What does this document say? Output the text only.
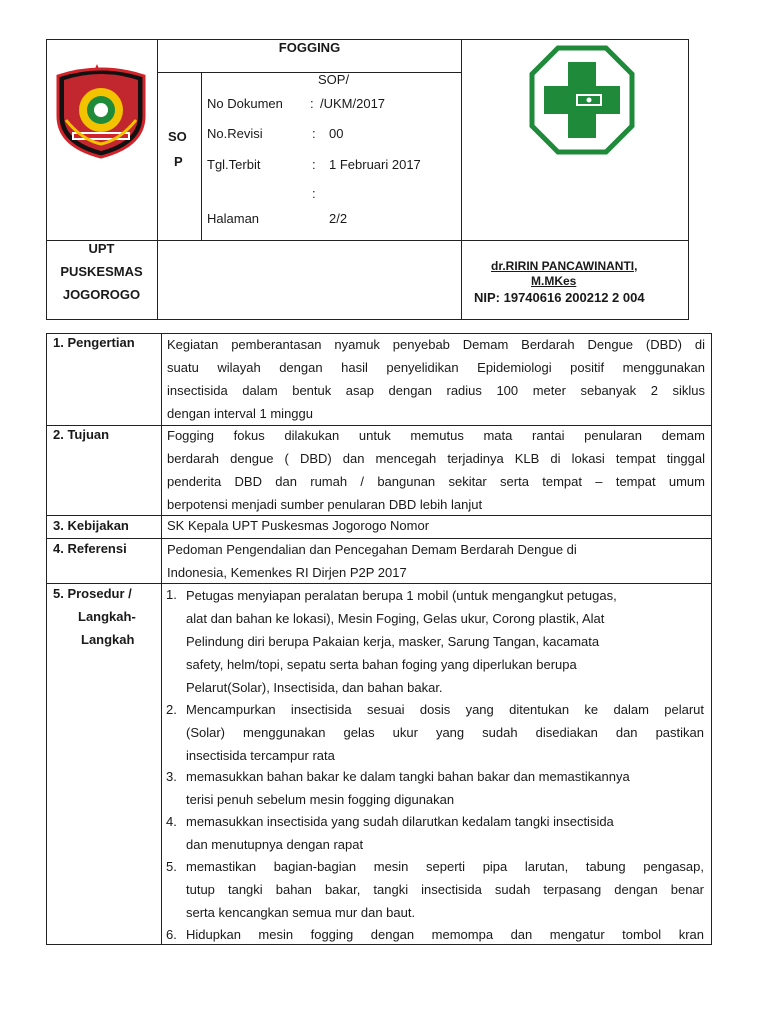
FOGGING
SO
P
SOP/
No Dokumen : /UKM/2017
No.Revisi	: 00
Tgl.Terbit	: 1 Februari 2017
:
Halaman	2/2
UPT
PUSKESMAS
JOGOROGO
dr.RIRIN PANCAWINANTI,
M.MKes
NIP: 19740616 200212 2 004
1. Pengertian Kegiatan pemberantasan nyamuk penyebab Demam Berdarah Dengue (DBD) di
suatu wilayah dengan hasil penyelidikan Epidemiologi positif menggunakan
insectisida dalam bentuk asap dengan radius 100 meter sebanyak 2 siklus
dengan interval 1 minggu
2. Tujuan	Fogging fokus dilakukan untuk memutus mata rantai penularan demam
berdarah dengue ( DBD) dan mencegah terjadinya KLB di lokasi tempat tinggal
penderita DBD dan rumah / bangunan sekitar serta tempat – tempat umum
berpotensi menjadi sumber penularan DBD lebih lanjut
3. Kebijakan	SK Kepala UPT Puskesmas Jogorogo Nomor
4. Referensi	Pedoman Pengendalian dan Pencegahan Demam Berdarah Dengue di
Indonesia, Kemenkes RI Dirjen P2P 2017
5. Prosedur /
Langkah-
Langkah
1. Petugas menyiapan peralatan berupa 1 mobil (untuk mengangkut petugas,
alat dan bahan ke lokasi), Mesin Foging, Gelas ukur, Corong plastik, Alat
Pelindung diri berupa Pakaian kerja, masker, Sarung Tangan, kacamata
safety, helm/topi, sepatu serta bahan foging yang diperlukan berupa
Pelarut(Solar), Insectisida, dan bahan bakar.
2. Mencampurkan insectisida sesuai dosis yang ditentukan ke dalam pelarut
(Solar) menggunakan gelas ukur yang sudah disediakan dan pastikan
insectisida tercampur rata
3. memasukkan bahan bakar ke dalam tangki bahan bakar dan memastikannya
terisi penuh sebelum mesin fogging digunakan
4. memasukkan insectisida yang sudah dilarutkan kedalam tangki insectisida
dan menutupnya dengan rapat
5. memastikan bagian-bagian mesin seperti pipa larutan, tabung pengasap,
tutup tangki bahan bakar, tangki insectisida sudah terpasang dengan benar
serta kencangkan semua mur dan baut.
6. Hidupkan mesin fogging dengan memompa dan mengatur tombol kran
